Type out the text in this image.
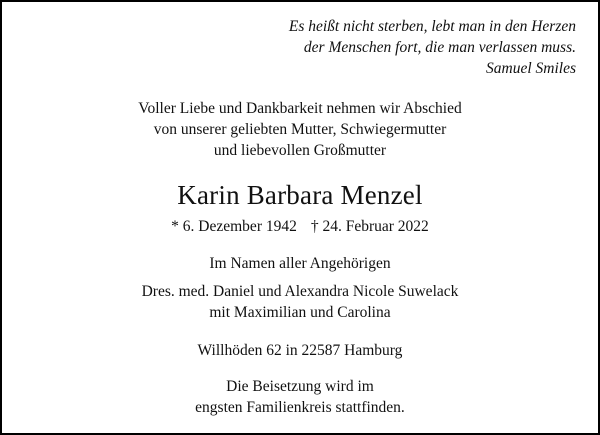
Es heißt nicht sterben, lebt man in den Herzen
der Menschen fort, die man verlassen muss.
Samuel Smiles
Voller Liebe und Dankbarkeit nehmen wir Abschied
von unserer geliebten Mutter, Schwiegermutter
und liebevollen Großmutter
Karin Barbara Menzel
* 6. Dezember 1942 † 24. Februar 2022
Im Namen aller Angehörigen
Dres. med. Daniel und Alexandra Nicole Suwelack
mit Maximilian und Carolina
Willhöden 62 in 22587 Hamburg
Die Beisetzung wird im
engsten Familienkreis stattfinden.
